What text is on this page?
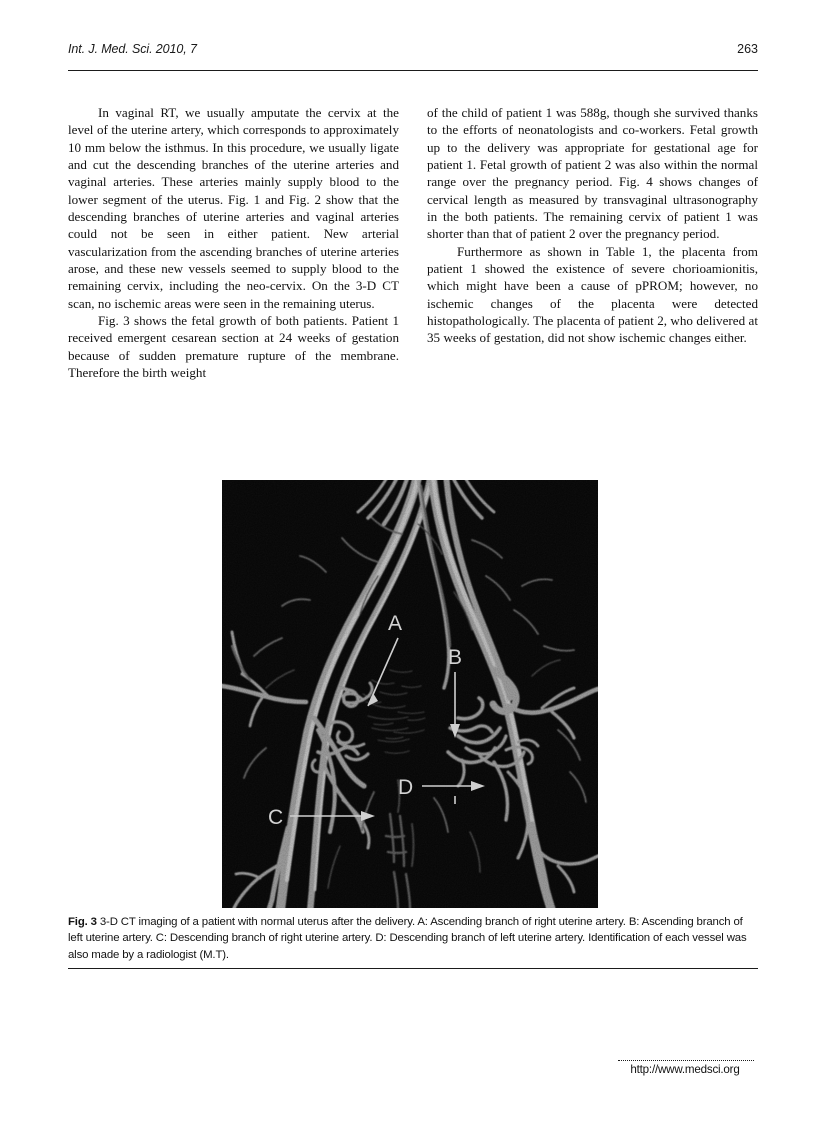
Int. J. Med. Sci. 2010, 7	263

In vaginal RT, we usually amputate the cervix at the level of the uterine artery, which corresponds to approximately 10 mm below the isthmus. In this procedure, we usually ligate and cut the descending branches of the uterine arteries and vaginal arteries. These arteries mainly supply blood to the lower segment of the uterus. Fig. 1 and Fig. 2 show that the descending branches of uterine arteries and vaginal arteries could not be seen in either patient. New arterial vascularization from the ascending branches of uterine arteries arose, and these new vessels seemed to supply blood to the remaining cervix, including the neo-cervix. On the 3-D CT scan, no ischemic areas were seen in the remaining uterus.

Fig. 3 shows the fetal growth of both patients. Patient 1 received emergent cesarean section at 24 weeks of gestation because of sudden premature rupture of the membrane. Therefore the birth weight

of the child of patient 1 was 588g, though she survived thanks to the efforts of neonatologists and co-workers. Fetal growth up to the delivery was appropriate for gestational age for patient 1. Fetal growth of patient 2 was also within the normal range over the pregnancy period. Fig. 4 shows changes of cervical length as measured by transvaginal ultrasonography in the both patients. The remaining cervix of patient 1 was shorter than that of patient 2 over the pregnancy period.

Furthermore as shown in Table 1, the placenta from patient 1 showed the existence of severe chorioamionitis, which might have been a cause of pPROM; however, no ischemic changes of the placenta were detected histopathologically. The placenta of patient 2, who delivered at 35 weeks of gestation, did not show ischemic changes either.

A
B
C
D
Fig. 3 3-D CT imaging of a patient with normal uterus after the delivery. A: Ascending branch of right uterine artery. B: Ascending branch of left uterine artery. C: Descending branch of right uterine artery. D: Descending branch of left uterine artery. Identification of each vessel was also made by a radiologist (M.T).
http://www.medsci.org
